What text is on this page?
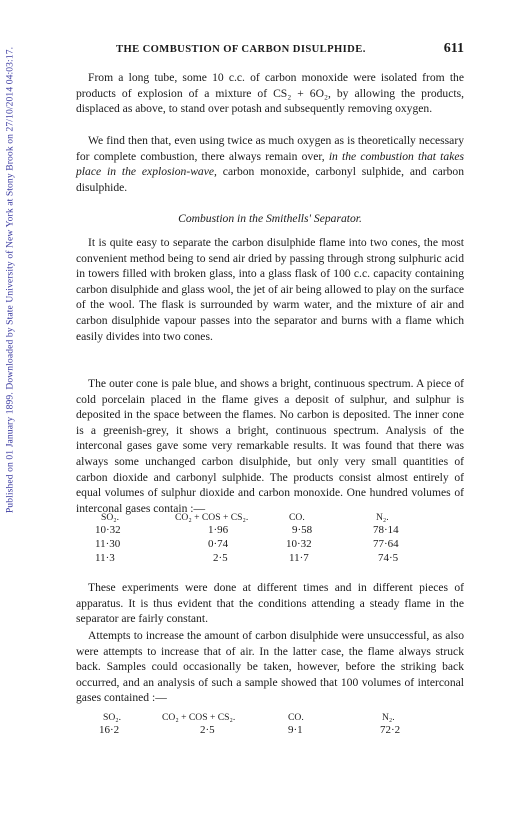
Published on 01 January 1899. Downloaded by State University of New York at Stony Brook on 27/10/2014 04:03:17.	THE COMBUSTION OF CARBON DISULPHIDE.	611

From a long tube, some 10 c.c. of carbon monoxide were isolated from the products of explosion of a mixture of CS₂ + 6O₂, by allowing the products, displaced as above, to stand over potash and subsequently removing oxygen.

We find then that, even using twice as much oxygen as is theoretically necessary for complete combustion, there always remain over, in the combustion that takes place in the explosion-wave, carbon monoxide, carbonyl sulphide, and carbon disulphide.

Combustion in the Smithells' Separator.

It is quite easy to separate the carbon disulphide flame into two cones, the most convenient method being to send air dried by passing through strong sulphuric acid in towers filled with broken glass, into a glass flask of 100 c.c. capacity containing carbon disulphide and glass wool, the jet of air being allowed to play on the surface of the wool. The flask is surrounded by warm water, and the mixture of air and carbon disulphide vapour passes into the separator and burns with a flame which easily divides into two cones.

The outer cone is pale blue, and shows a bright, continuous spectrum. A piece of cold porcelain placed in the flame gives a deposit of sulphur, and sulphur is deposited in the space between the flames. No carbon is deposited. The inner cone is a greenish-grey, it shows a bright, continuous spectrum. Analysis of the interconal gases gave some very remarkable results. It was found that there was always some unchanged carbon disulphide, but only very small quantities of carbon dioxide and carbonyl sulphide. The products consist almost entirely of equal volumes of sulphur dioxide and carbon monoxide. One hundred volumes of interconal gases contain :—

SO₂.	CO₂ + COS + CS₂.	CO.	N₂.
10·32	1·96	9·58	78·14
11·30	0·74	10·32	77·64
11·3	2·5	11·7	74·5

These experiments were done at different times and in different pieces of apparatus. It is thus evident that the conditions attending a steady flame in the separator are fairly constant.

Attempts to increase the amount of carbon disulphide were unsuccessful, as also were attempts to increase that of air. In the latter case, the flame always struck back. Samples could occasionally be taken, however, before the striking back occurred, and an analysis of such a sample showed that 100 volumes of interconal gases contained :—

SO₂.	CO₂ + COS + CS₂.	CO.	N₂.
16·2	2·5	9·1	72·2
